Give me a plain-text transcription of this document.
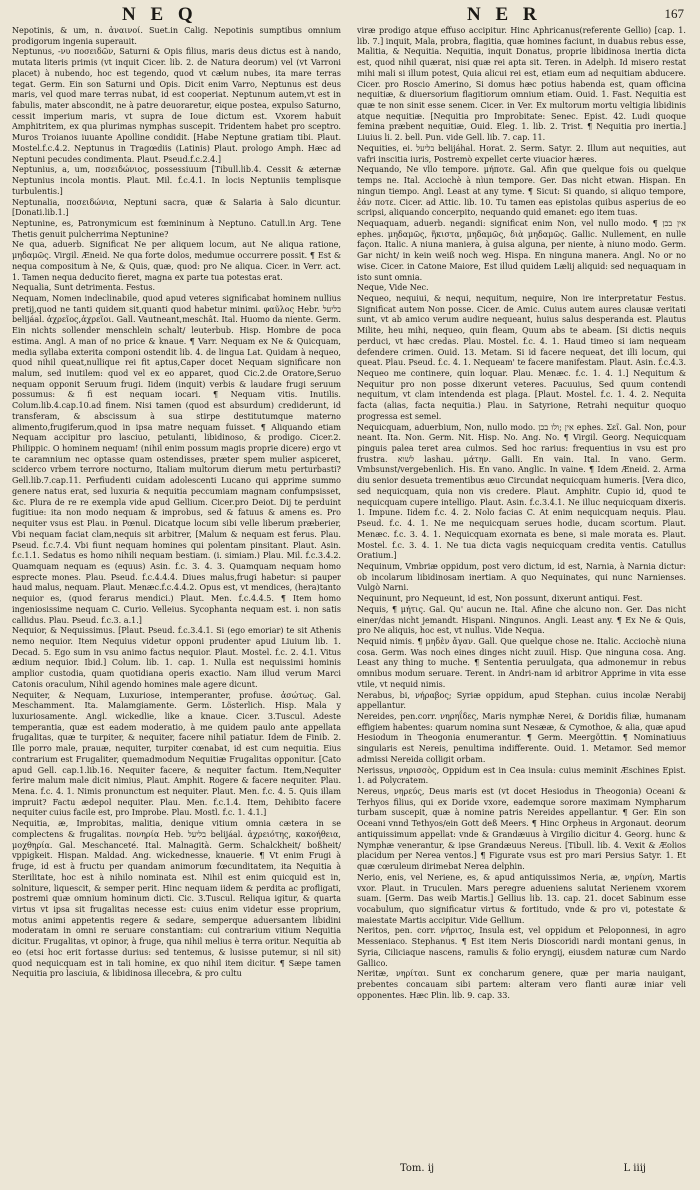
N E Q	N E R	167

Nepotinis, & um, n. ἀναινοί. Suet.in Calig. Nepotinis sumptibus omnium prodigorum ingenia superauit.

Neptunus, -νυ ποσειδῶν, Saturni & Opis filius, maris deus dictus est à nando, mutata literis primis (vt inquit Cicer. lib. 2. de Natura deorum) vel (vt Varroni placet) à nubendo, hoc est tegendo, quod vt cælum nubes, ita mare terras tegat. Germ. Ein son Saturni und Opis. Dicit enim Varro, Neptunus est deus maris, vel quod mare terras nubat, id est cooperiat. Neptunum autem,vt est in fabulis, mater abscondit, ne à patre deuoraretur, eique postea, expulso Saturno, cessit imperium maris, vt supra de Ioue dictum est. Vxorem habuit Amphitritem, ex qua plurimas nymphas suscepit. Tridentem habet pro sceptro. Muros Troianos iuuante Apolline condidit. [Habe Neptune gratiam tibi. Plaut. Mostel.f.c.4.2. Neptunus in Tragœdiis (Latinis) Plaut. prologo Amph. Hæc ad Neptuni pecudes condimenta. Plaut. Pseud.f.c.2.4.]

Neptunius, a, um, ποσειδώνιος, possessiuum [Tibull.lib.4. Cessit & æternæ Neptunius incola montis. Plaut. Mil. f.c.4.1. In locis Neptuniis templisque turbulentis.]

Neptunalia, ποσειδώνια, Neptuni sacra, quæ & Salaria à Salo dicuntur. [Donati.lib.1.]

Neptunine, es, Patronymicum est fœmininum à Neptuno. Catull.in Arg. Tene Thetis genuit pulcherrima Neptunine?

Ne qua, aduerb. Significat Ne per aliquem locum, aut Ne aliqua ratione, μηδαμῶς. Virgil. Æneid. Ne qua forte dolos, medumue occurrere possit. ¶ Est & nequa compositum à Ne, & Quis, quæ, quod: pro Ne aliqua. Cicer. in Verr. act. 1. Tamen nequa deducito fieret, magna ex parte tua potestas erat.

Nequalia, Sunt detrimenta. Festus.

Nequam, Nomen indeclinabile, quod apud veteres significabat hominem nullius pretij,quod ne tanti quidem sit,quanti quod habetur minimi. φαῦλος Hebr. בליעל belijáal. ἀχρεῖος,ἀχρεῖοι. Gall. Vautneant,meschât. Ital. Huomo da niente. Germ. Ein nichts sollender menschlein schalt/ leuterbub. Hisp. Hombre de poca estima. Angl. A man of no price & knaue. ¶ Varr. Nequam ex Ne & Quicquam, media syllaba exterita componi ostendit lib. 4. de lingua Lat. Quidam à nequeo, quod nihil queat,nullique rei fit aptus,Caper docet Nequam significare non malum, sed inutilem: quod vel ex eo apparet, quod Cic.2.de Oratore,Seruo nequam opponit Seruum frugi. Iidem (inquit) verbis & laudare frugi seruum possumus: & fi est nequam iocari. ¶ Nequam vitis. Inutilis. Colum.lib.4.cap.10.ad finem. Nisi tamen (quod est absurdum) crediderunt, id transferam, & abscissum à sua stirpe destitutumque materno alimento,frugiferum,quod in ipsa matre nequam fuisset. ¶ Aliquando etiam Nequam accipitur pro lasciuo, petulanti, libidinoso, & prodigo. Cicer.2. Philippic. O hominem nequam! (nihil enim possum magis proprie dicere) ergo vt te caramnium nec optasse quam ostendisses, præter spem mulier aspiceret, sciderco vrbem terrore nocturno, Italiam multorum dierum metu perturbasti? Gell.lib.7.cap.11. Perfiudenti cuidam adolescenti Lucano qui apprime summo genere natus erat, sed luxuria & nequitia peccumiam magnam confumpsisset, &c. Plura de re re exempla vide apud Gellium. Cicer.pro Deiot. Dij te perduint fugitiue: ita non modo nequam & improbus, sed & fatuus & amens es. Pro nequiter vsus est Plau. in Pœnul. Dicatque locum sibi velle liberum præberier, Vbi nequam faciat clam,nequis sit arbitrer, [Malum & nequam est ferus. Plau. Pseud. f.c.7.4. Vbi fiunt nequam homines qui polentam pinsitant. Plaut. Asin. f.c.1.1. Sedatus es homo nihili nequam bestiam. (i. simiam.) Plau. Mil. f.c.3.4.2. Quamquam nequam es (equus) Asin. f.c. 3. 4. 3. Quamquam nequam homo esprecte mones. Plau. Pseud. f.c.4.4.4. Diues malus,frugi habetur: si pauper haud malus, nequam. Plaut. Menæc.f.c.4.4.2. Opus est, vt mendices, (hera)tanto nequior es, (quod ferarus mendici.) Plaut. Men. f.c.4.4.5. ¶ Item homo ingeniosissime nequam C. Curio. Velleius. Sycophanta nequam est. i. non satis callidus. Plau. Pseud. f.c.3. a.1.]

Nequior, & Nequissimus. [Plaut. Pseud. f.c.3.4.1. Si (ego emoriar) te sit Athenis nemo nequior. Item Nequius videtur opponi prudenter apud Liuium lib. 1. Decad. 5. Ego sum in vsu animo factus nequior. Plaut. Mostel. f.c. 2. 4.1. Vitus ædium nequior. Ibid.] Colum. lib. 1. cap. 1. Nulla est nequissimi hominis amplior custodia, quam quotidiana operis exactio. Nam illud verum Marci Catonis oraculum, Nihil agendo homines male agere dicunt.

Nequiter, & Nequam, Luxuriose, intemperanter, profuse. ἀσώτως. Gal. Meschamment. Ita. Malamgiamente. Germ. Lösterlich. Hisp. Mala y luxuriosamente. Angl. wickedlie, like a knaue. Cicer. 3.Tuscul. Adeste temperantia, quæ est eadem moderatio, à me quidem paulo ante appellata frugalitas, quæ te turpiter, & nequiter, facere nihil patiatur. Idem de Finib. 2. Ille porro male, prauæ, nequiter, turpiter cœnabat, id est cum nequitia. Eius contrarium est Frugaliter, quemadmodum Nequitiæ Frugalitas opponitur. [Cato apud Gell. cap.1.lib.16. Nequiter facere, & nequiter factum. Item,Nequiter ferire malum male dicit nimius, Plaut. Amphit. Rogere & facere nequiter. Plau. Mena. f.c. 4. 1. Nimis pronunctum est nequiter. Plaut. Men. f.c. 4. 5. Quis illam impruit? Factu ædepol nequiter. Plau. Men. f.c.1.4. Item, Dehibito facere nequiter cuius facile est, pro Improbe. Plau. Mostl. f.c. 1. 4.1.]

Nequitia, æ, Improbitas, malitia, denique vitium omnia cætera in se complectens & frugalitas. πονηρία Heb. בליעל belijáal. ἀχρειότης, κακοήθεια, μοχθηρία. Gal. Meschanceté. Ital. Malnagità. Germ. Schalckheit/ boßheit/ vppigkeit. Hispan. Maldad. Ang. wickednesse, knauerie. ¶ Vt enim Frugi à fruge, id est à fructu per quandam animorum fœcunditatem, ita Nequitia à Sterilitate, hoc est à nihilo nominata est. Nihil est enim quicquid est in, solniture, liquescit, & semper perit. Hinc nequam iidem & perdita ac profligati, postremi quæ omnium hominum dicti. Cic. 3.Tuscul. Reliqua igitur, & quarta virtus vt ipsa sit frugalitas necesse est: cuius enim videtur esse proprium, motus animi appetentis regere & sedare, semperque aduersantem libidini moderatam in omni re seruare constantiam: cui contrarium vitium Nequitia dicitur. Frugalitas, vt opinor, à fruge, qua nihil melius è terra oritur. Nequitia ab eo (etsi hoc erit fortasse durius: sed tentemus, & lusisse putemur, si nil sit) quod nequicquam est in tali homine, ex quo nihil item dicitur. ¶ Sæpe tamen Nequitia pro lasciuia, & libidinosa illecebra, & pro cultu

viræ prodigo atque effuso accipitur. Hinc Aphricanus(referente Gellio) [cap. 1. lib. 7.] inquit, Mala, probra, flagitia, quæ homines faciunt, in duabus rebus esse, Malitia, & Nequitia. Nequitia, inquit Donatus, proprie libidinosa inertia dicta est, quod nihil quærat, nisi quæ rei apta sit. Teren. in Adelph. Id misero restat mihi mali si illum potest, Quia alicui rei est, etiam eum ad nequitiam abducere. Cicer. pro Roscio Amerino, Si domus hæc potius habenda est, quam officina nequitiæ, & diuersorium flagitiorum omnium etiam. Ouid. 1. Fast. Nequitia est quæ te non sinit esse senem. Cicer. in Ver. Ex multorum mortu veltigia libidinis atque nequitiæ. [Nequitia pro Improbitate: Senec. Epist. 42. Ludi quoque femina præbent nequitiæ, Ouid. Eleg. 1. lib. 2. Trist. ¶ Nequitia pro inertia.] Liuius li. 2. bell. Pun. vide Gell. lib. 7. cap. 11.

Nequities, ei. בליעל belijáhal. Horat. 2. Serm. Satyr. 2. Illum aut nequities, aut vafri inscitia iuris, Postremò expellet certe viuacior hæres.

Nequando, Ne vllo tempore. μήποτε. Gal. Afin que quelque fois ou quelque temps ne. Ital. Acciochè à nìun tempore. Ger. Das nicht etwan. Hispan. En ningun tiempo. Angl. Least at any tyme. ¶ Sicut: Si quando, si aliquo tempore, ἐάν ποτε. Cicer. ad Attic. lib. 10. Tu tamen eas epistolas quibus asperius de eo scripsi, aliquando concerpito, nequando quid emanet: ego item tuas.

Nequaquam, aduerb. negandi: significat enim Non, vel nullo modo. ¶ אין בכן ephes. μηδαμῶς, ἥκιστα, μηδαμῶς, διὰ μηδαμῶς. Gallic. Nullement, en nulle façon. Italic. A niuna maniera, à guisa alguna, per niente, à niuno modo. Germ. Gar nicht/ in kein weiß noch weg. Hispa. En ninguna manera. Angl. No or no wise. Cicer. in Catone Maiore, Est illud quidem Lælij aliquid: sed nequaquam in isto sunt omnia.

Neque, Vide Nec.

Nequeo, nequiui, & nequi, nequitum, nequire, Non ire interpretatur Festus. Significat autem Non posse. Cicer. de Amic. Cuius autem aures clausæ veritati sunt, vt ab amico verum audire nequeant, huius salus desperanda est. Plautus Milite, heu mihi, nequeo, quin fleam, Quum abs te abeam. [Si dictis nequis perduci, vt hæc credas. Plau. Mostel. f.c. 4. 1. Haud timeo si iam nequeam defendere crimen. Ouid. 13. Metam. Si id facere nequeat, det illi locum, qui queat. Plau. Pseud. f.c. 4. 1. Nequeam' te facere manifestam. Plaut. Asin. f.c.4.3. Nequeo me continere, quin loquar. Plau. Menæc. f.c. 1. 4. 1.] Nequitum & Nequitur pro non posse dixerunt veteres. Pacuuius, Sed quum contendi nequitum, vt clam intendenda est plaga. [Plaut. Mostel. f.c. 1. 4. 2. Nequita facta (alias, facta nequitia.) Plau. in Satyrione, Retrahi nequitur quoquo progressa est semel.

Nequicquam, aduerbium, Non, nullo modo. אין ;ולו בכן ephes. Σεῖ. Gal. Non, pour neant. Ita. Non. Germ. Nit. Hisp. No. Ang. No. ¶ Virgil. Georg. Nequicquam pinguis palea teret area culmos. Sed hoc rarius: frequentius in vsu est pro frustra. לשוא lashau. μάτην. Galli. En vain. Ital. In vano. Germ. Vmbsunst/vergebenlich. His. En vano. Anglic. In vaine. ¶ Idem Æneid. 2. Arma diu senior desueta trementibus æuo Circundat nequicquam humeris. [Vera dico, sed nequicquam, quia non vis credere. Plaut. Amphitr. Cupio id, quod te nequicquam cupere intelligo. Plaut. Asin. f.c.3.4.1. Ne illuc nequicquam dixeris. 1. Impune. Iidem f.c. 4. 2. Nolo facias C. At enim nequicquam nequis. Plau. Pseud. f.c. 4. 1. Ne me nequicquam serues hodie, ducam scortum. Plaut. Menæc. f.c. 3. 4. 1. Nequicquam exornata es bene, si male morata es. Plaut. Mostel. f.c. 3. 4. 1. Ne tua dicta vagis nequicquam credita ventis. Catullus Oratium.]

Nequinum, Vmbriæ oppidum, post vero dictum, id est, Narnia, à Narnia dictur: ob incolarum libidinosam inertiam. A quo Nequinates, qui nunc Narnienses. Vulgò Narni.

Nequinunt, pro Nequeunt, id est, Non possunt, dixerunt antiqui. Fest.

Nequis, ¶ μήτις. Gal. Qu' aucun ne. Ital. Afine che alcuno non. Ger. Das nicht einer/das nicht jemandt. Hispani. Ningunos. Angli. Least any. ¶ Ex Ne & Quis, pro Ne aliquis, hoc est, vt nullus. Vide Nequa.

Nequid nimis. ¶ μηδὲν ἄγαν. Gall. Que quelque chose ne. Italic. Acciochè niuna cosa. Germ. Was noch eines dinges nicht zuuil. Hisp. Que ninguna cosa. Ang. Least any thing to muche. ¶ Sententia peruulgata, qua admonemur in rebus omnibus modum seruare. Terent. in Andri-nam id arbitror Apprime in vita esse vtile, vt nequid nimis.

Nerabus, bi, νήραβος; Syriæ oppidum, apud Stephan. cuius incolæ Nerabij appellantur.

Nereides, pen.corr. νηρηΐδες, Maris nymphæ Nerei, & Doridis filiæ, humanam effigiem habentes: quarum nomina sunt Nesææ, & Cymothoe, & alia, quæ apud Hesiodum in Theogonia enumerantur. ¶ Germ. Meergöttin. ¶ Nominatiuus singularis est Nereis, penultima indifferente. Ouid. 1. Metamor. Sed memor admissi Nereida colligit orbam.

Nerissus, νηρισσὸς, Oppidum est in Cea insula: cuius meminit Æschines Epist. 1. ad Polycratem.

Nereus, νηρεύς, Deus maris est (vt docet Hesiodus in Theogonia) Oceani & Terhyos filius, qui ex Doride vxore, eademque sorore maximam Nympharum turbam suscepit, quæ à nomine patris Nereides appellantur. ¶ Ger. Ein son Oceani vnnd Tethyos/ein Gott deß Meers. ¶ Hinc Orpheus in Argonaut. deorum antiquissimum appellat: vnde & Grandæuus à Virgilio dicitur 4. Georg. hunc & Nymphæ venerantur, & ipse Grandæuus Nereus. [Tibull. lib. 4. Vexit & Æolios placidum per Nerea ventos.] ¶ Figurate vsus est pro mari Persius Satyr. 1. Et quæ cœruleum dirimebat Nerea delphin.

Nerio, enis, vel Neriene, es, & apud antiquissimos Neria, æ, νηρίνη, Martis vxor. Plaut. in Truculen. Mars peregre adueniens salutat Nerienem vxorem suam. [Germ. Das weib Martis.] Gellius lib. 13. cap. 21. docet Sabinum esse vocabulum, quo significatur virtus & fortitudo, vnde & pro vi, potestate & maiestate Martis accipitur. Vide Gellium.

Neritos, pen. corr. νήριτος, Insula est, vel oppidum et Peloponnesi, in agro Messeniaco. Stephanus. ¶ Est item Neris Dioscoridi nardi montani genus, in Syria, Ciliciaque nascens, ramulis & folio eryngij, eiusdem naturæ cum Nardo Gallico.

Neritæ, νηρίται. Sunt ex concharum genere, quæ per maria nauigant, prebentes concauam sibi partem: alteram vero flanti auræ iniar veli opponentes. Hæc Plin. lib. 9. cap. 33.

Tom. ij	L iiij
